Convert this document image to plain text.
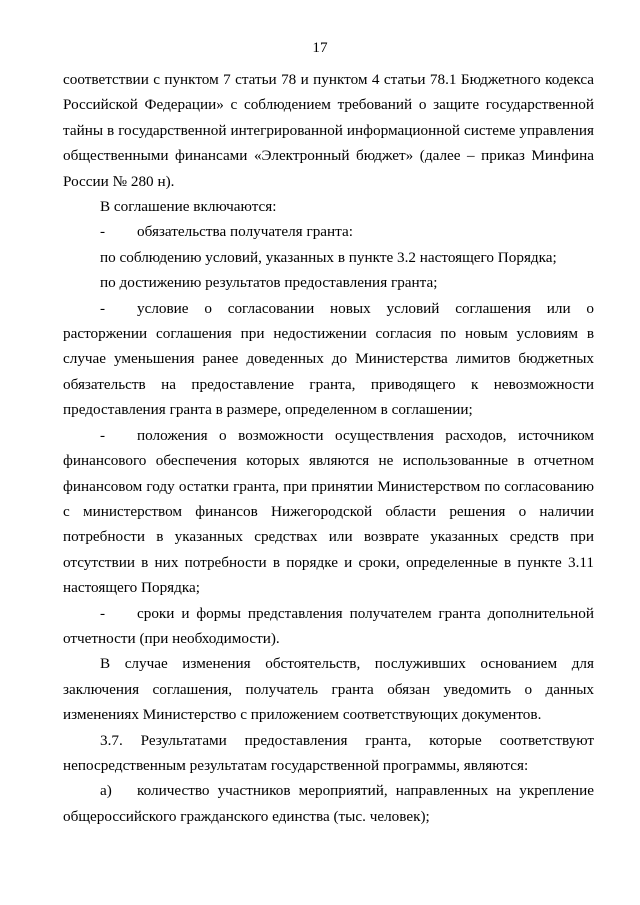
17

соответствии с пунктом 7 статьи 78 и пунктом 4 статьи 78.1 Бюджетного кодекса Российской Федерации» с соблюдением требований о защите государственной тайны в государственной интегрированной информационной системе управления общественными финансами «Электронный бюджет» (далее – приказ Минфина России № 280 н).

В соглашение включаются:

- обязательства получателя гранта:

по соблюдению условий, указанных в пункте 3.2 настоящего Порядка;

по достижению результатов предоставления гранта;

- условие о согласовании новых условий соглашения или о
расторжении соглашения при недостижении согласия по новым условиям в случае уменьшения ранее доведенных до Министерства лимитов бюджетных обязательств на предоставление гранта, приводящего к невозможности предоставления гранта в размере, определенном в соглашении;
- положения о возможности осуществления расходов, источником
финансового обеспечения которых являются не использованные в отчетном финансовом году остатки гранта, при принятии Министерством по согласованию с министерством финансов Нижегородской области решения о наличии потребности в указанных средствах или возврате указанных средств при отсутствии в них потребности в порядке и сроки, определенные в пункте 3.11 настоящего Порядка;
- сроки и формы представления получателем гранта дополнительной
отчетности (при необходимости).

В случае изменения обстоятельств, послуживших основанием для заключения соглашения, получатель гранта обязан уведомить о данных изменениях Министерство с приложением соответствующих документов.

3.7. Результатами предоставления гранта, которые соответствуют непосредственным результатам государственной программы, являются:

а) количество участников мероприятий, направленных на укрепление
общероссийского гражданского единства (тыс. человек);
